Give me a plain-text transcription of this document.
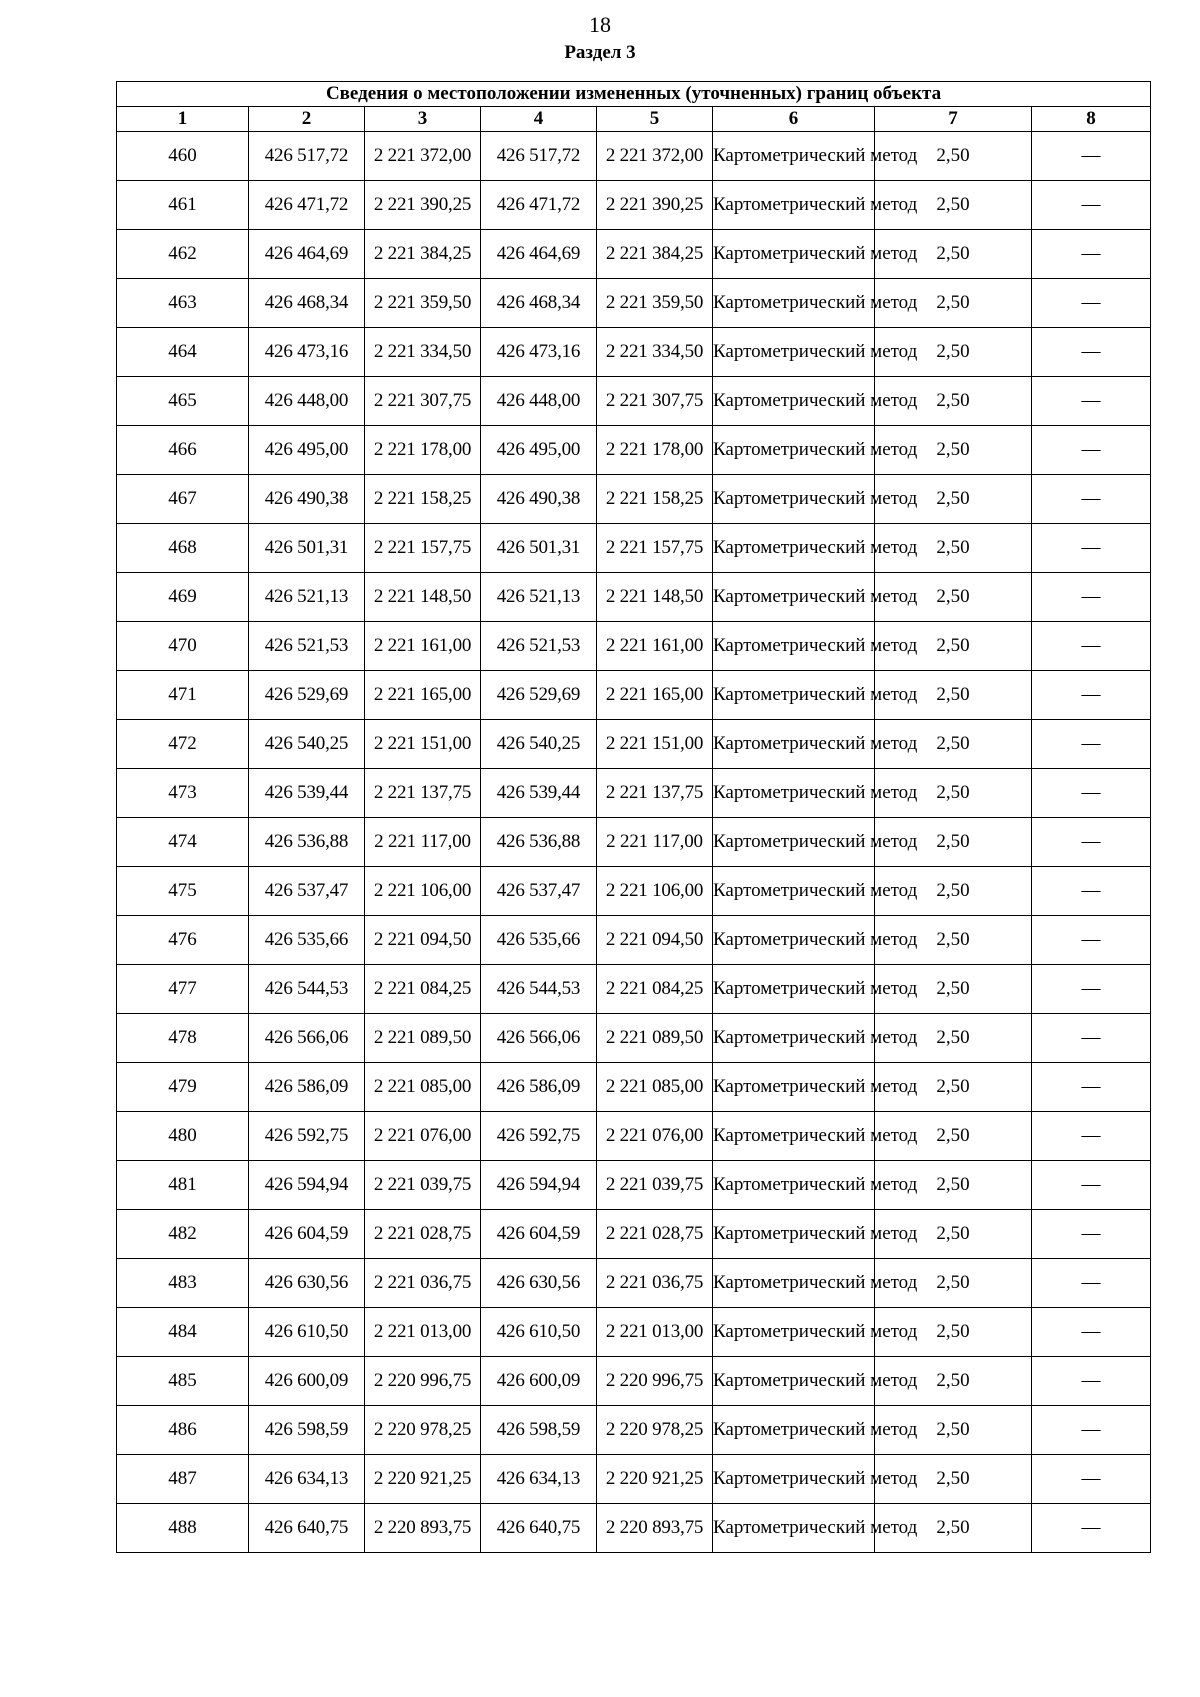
18
Раздел 3
Сведения о местоположении измененных (уточненных) границ объекта							
1	2	3	4	5	6	7	8
460	426 517,72	2 221 372,00	426 517,72	2 221 372,00	Картометрический метод	2,50	—
461	426 471,72	2 221 390,25	426 471,72	2 221 390,25	Картометрический метод	2,50	—
462	426 464,69	2 221 384,25	426 464,69	2 221 384,25	Картометрический метод	2,50	—
463	426 468,34	2 221 359,50	426 468,34	2 221 359,50	Картометрический метод	2,50	—
464	426 473,16	2 221 334,50	426 473,16	2 221 334,50	Картометрический метод	2,50	—
465	426 448,00	2 221 307,75	426 448,00	2 221 307,75	Картометрический метод	2,50	—
466	426 495,00	2 221 178,00	426 495,00	2 221 178,00	Картометрический метод	2,50	—
467	426 490,38	2 221 158,25	426 490,38	2 221 158,25	Картометрический метод	2,50	—
468	426 501,31	2 221 157,75	426 501,31	2 221 157,75	Картометрический метод	2,50	—
469	426 521,13	2 221 148,50	426 521,13	2 221 148,50	Картометрический метод	2,50	—
470	426 521,53	2 221 161,00	426 521,53	2 221 161,00	Картометрический метод	2,50	—
471	426 529,69	2 221 165,00	426 529,69	2 221 165,00	Картометрический метод	2,50	—
472	426 540,25	2 221 151,00	426 540,25	2 221 151,00	Картометрический метод	2,50	—
473	426 539,44	2 221 137,75	426 539,44	2 221 137,75	Картометрический метод	2,50	—
474	426 536,88	2 221 117,00	426 536,88	2 221 117,00	Картометрический метод	2,50	—
475	426 537,47	2 221 106,00	426 537,47	2 221 106,00	Картометрический метод	2,50	—
476	426 535,66	2 221 094,50	426 535,66	2 221 094,50	Картометрический метод	2,50	—
477	426 544,53	2 221 084,25	426 544,53	2 221 084,25	Картометрический метод	2,50	—
478	426 566,06	2 221 089,50	426 566,06	2 221 089,50	Картометрический метод	2,50	—
479	426 586,09	2 221 085,00	426 586,09	2 221 085,00	Картометрический метод	2,50	—
480	426 592,75	2 221 076,00	426 592,75	2 221 076,00	Картометрический метод	2,50	—
481	426 594,94	2 221 039,75	426 594,94	2 221 039,75	Картометрический метод	2,50	—
482	426 604,59	2 221 028,75	426 604,59	2 221 028,75	Картометрический метод	2,50	—
483	426 630,56	2 221 036,75	426 630,56	2 221 036,75	Картометрический метод	2,50	—
484	426 610,50	2 221 013,00	426 610,50	2 221 013,00	Картометрический метод	2,50	—
485	426 600,09	2 220 996,75	426 600,09	2 220 996,75	Картометрический метод	2,50	—
486	426 598,59	2 220 978,25	426 598,59	2 220 978,25	Картометрический метод	2,50	—
487	426 634,13	2 220 921,25	426 634,13	2 220 921,25	Картометрический метод	2,50	—
488	426 640,75	2 220 893,75	426 640,75	2 220 893,75	Картометрический метод	2,50	—
